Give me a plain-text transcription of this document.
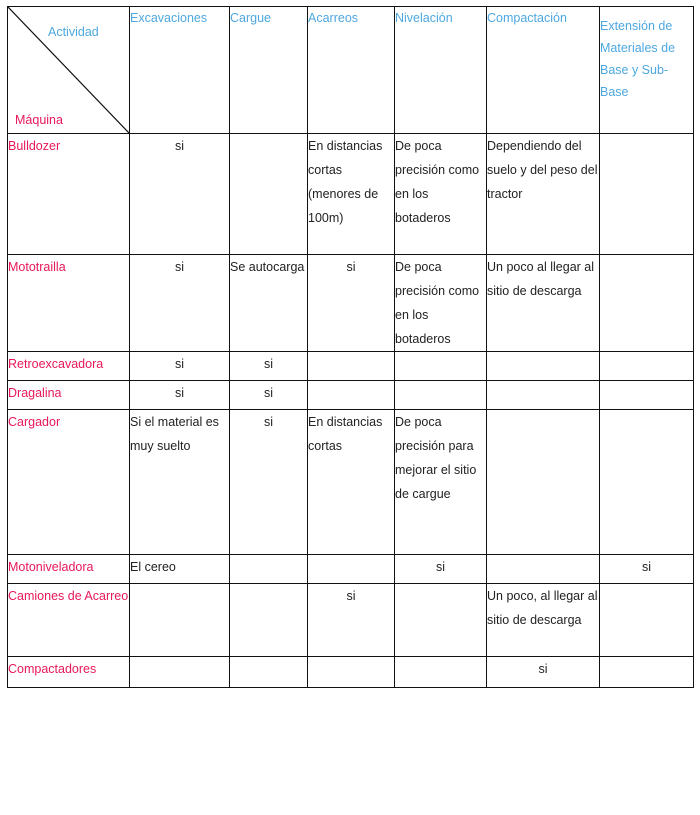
Actividad
Máquina	Excavaciones	Cargue	Acarreos	Nivelación	Compactación	Extensión de Materiales de Base y Sub-Base
Bulldozer	si		En distancias cortas (menores de 100m)	De poca precisión como en los botaderos	Dependiendo del suelo y del peso del tractor	
Mototrailla	si	Se autocarga	si	De poca precisión como en los botaderos	Un poco al llegar al sitio de descarga	
Retroexcavadora	si	si				
Dragalina	si	si				
Cargador	Si el material es muy suelto	si	En distancias cortas	De poca precisión para mejorar el sitio de cargue		
Motoniveladora	El cereo			si		si
Camiones de Acarreo			si		Un poco, al llegar al sitio de descarga	
Compactadores					si	
